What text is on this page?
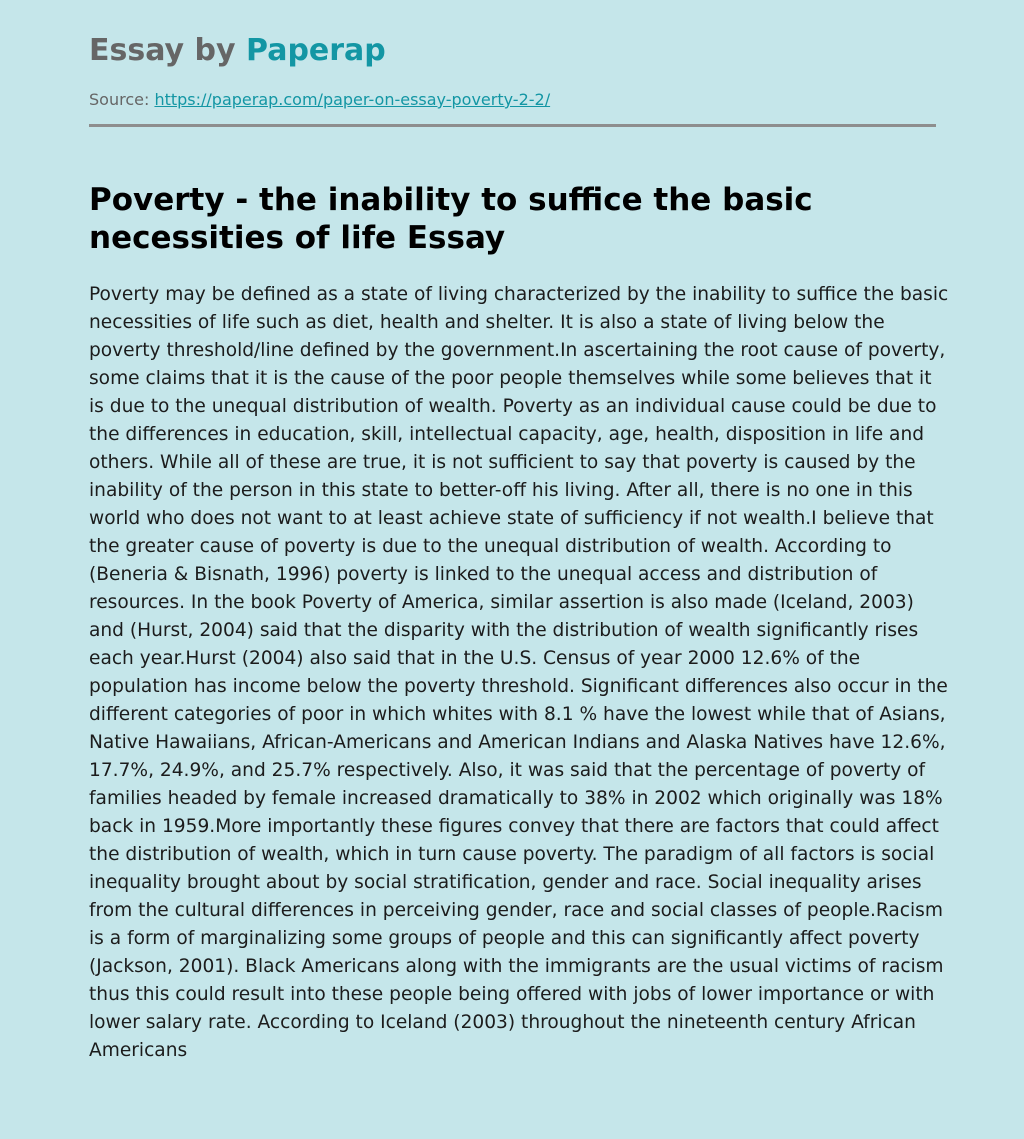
Essay by Paperap
Source: https://paperap.com/paper-on-essay-poverty-2-2/
Poverty - the inability to suffice the basic necessities of life Essay

Poverty may be defined as a state of living characterized by the inability to suffice the basic necessities of life such as diet, health and shelter. It is also a state of living below the poverty threshold/line defined by the government.In ascertaining the root cause of poverty, some claims that it is the cause of the poor people themselves while some believes that it is due to the unequal distribution of wealth. Poverty as an individual cause could be due to the differences in education, skill, intellectual capacity, age, health, disposition in life and others. While all of these are true, it is not sufficient to say that poverty is caused by the inability of the person in this state to better-off his living. After all, there is no one in this world who does not want to at least achieve state of sufficiency if not wealth.I believe that the greater cause of poverty is due to the unequal distribution of wealth. According to (Beneria & Bisnath, 1996) poverty is linked to the unequal access and distribution of resources. In the book Poverty of America, similar assertion is also made (Iceland, 2003) and (Hurst, 2004) said that the disparity with the distribution of wealth significantly rises each year.Hurst (2004) also said that in the U.S. Census of year 2000 12.6% of the population has income below the poverty threshold. Significant differences also occur in the different categories of poor in which whites with 8.1 % have the lowest while that of Asians, Native Hawaiians, African-Americans and American Indians and Alaska Natives have 12.6%, 17.7%, 24.9%, and 25.7% respectively. Also, it was said that the percentage of poverty of families headed by female increased dramatically to 38% in 2002 which originally was 18% back in 1959.More importantly these figures convey that there are factors that could affect the distribution of wealth, which in turn cause poverty. The paradigm of all factors is social inequality brought about by social stratification, gender and race. Social inequality arises from the cultural differences in perceiving gender, race and social classes of people.Racism is a form of marginalizing some groups of people and this can significantly affect poverty (Jackson, 2001). Black Americans along with the immigrants are the usual victims of racism thus this could result into these people being offered with jobs of lower importance or with lower salary rate. According to Iceland (2003) throughout the nineteenth century African Americans
